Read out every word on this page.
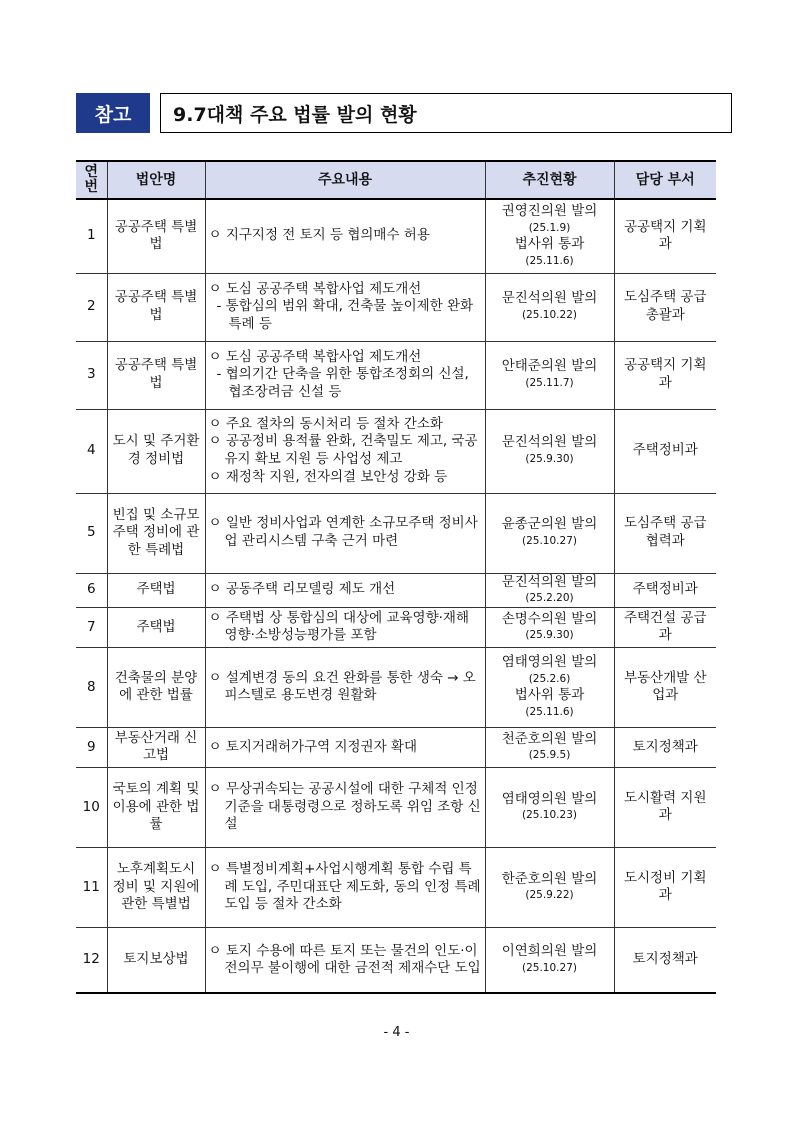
참고	9.7대책 주요 법률 발의 현황
연번	법안명	주요내용	추진현황	담당 부서
1	공공주택 특별법	ㅇ 지구지정 전 토지 등 협의매수 허용	권영진의원 발의
(25.1.9)
법사위 통과
(25.11.6)	공공택지 기획과
2	공공주택 특별법	ㅇ 도심 공공주택 복합사업 제도개선
- 통합심의 범위 확대, 건축물 높이제한 완화 특례 등	문진석의원 발의
(25.10.22)	도심주택 공급총괄과
3	공공주택 특별법	ㅇ 도심 공공주택 복합사업 제도개선
- 협의기간 단축을 위한 통합조정회의 신설, 협조장려금 신설 등	안태준의원 발의
(25.11.7)	공공택지 기획과
4	도시 및 주거환경 정비법	ㅇ 주요 절차의 동시처리 등 절차 간소화
ㅇ 공공정비 용적률 완화, 건축밀도 제고, 국공유지 확보 지원 등 사업성 제고
ㅇ 재정착 지원, 전자의결 보안성 강화 등	문진석의원 발의
(25.9.30)	주택정비과
5	빈집 및 소규모주택 정비에 관한 특례법	ㅇ 일반 정비사업과 연계한 소규모주택 정비사업 관리시스템 구축 근거 마련	윤종군의원 발의
(25.10.27)	도심주택 공급협력과
6	주택법	ㅇ 공동주택 리모델링 제도 개선	문진석의원 발의
(25.2.20)	주택정비과
7	주택법	ㅇ 주택법 상 통합심의 대상에 교육영향·재해영향·소방성능평가를 포함	손명수의원 발의
(25.9.30)	주택건설 공급과
8	건축물의 분양에 관한 법률	ㅇ 설계변경 동의 요건 완화를 통한 생숙 → 오피스텔로 용도변경 원활화	염태영의원 발의
(25.2.6)
법사위 통과
(25.11.6)	부동산개발 산업과
9	부동산거래 신고법	ㅇ 토지거래허가구역 지정권자 확대	천준호의원 발의
(25.9.5)	토지정책과
10	국토의 계획 및 이용에 관한 법률	ㅇ 무상귀속되는 공공시설에 대한 구체적 인정기준을 대통령령으로 정하도록 위임 조항 신설	염태영의원 발의
(25.10.23)	도시활력 지원과
11	노후계획도시 정비 및 지원에 관한 특별법	ㅇ 특별정비계획+사업시행계획 통합 수립 특례 도입, 주민대표단 제도화, 동의 인정 특례 도입 등 절차 간소화	한준호의원 발의
(25.9.22)	도시정비 기획과
12	토지보상법	ㅇ 토지 수용에 따른 토지 또는 물건의 인도·이전의무 불이행에 대한 금전적 제재수단 도입	이연희의원 발의
(25.10.27)	토지정책과
- 4 -
